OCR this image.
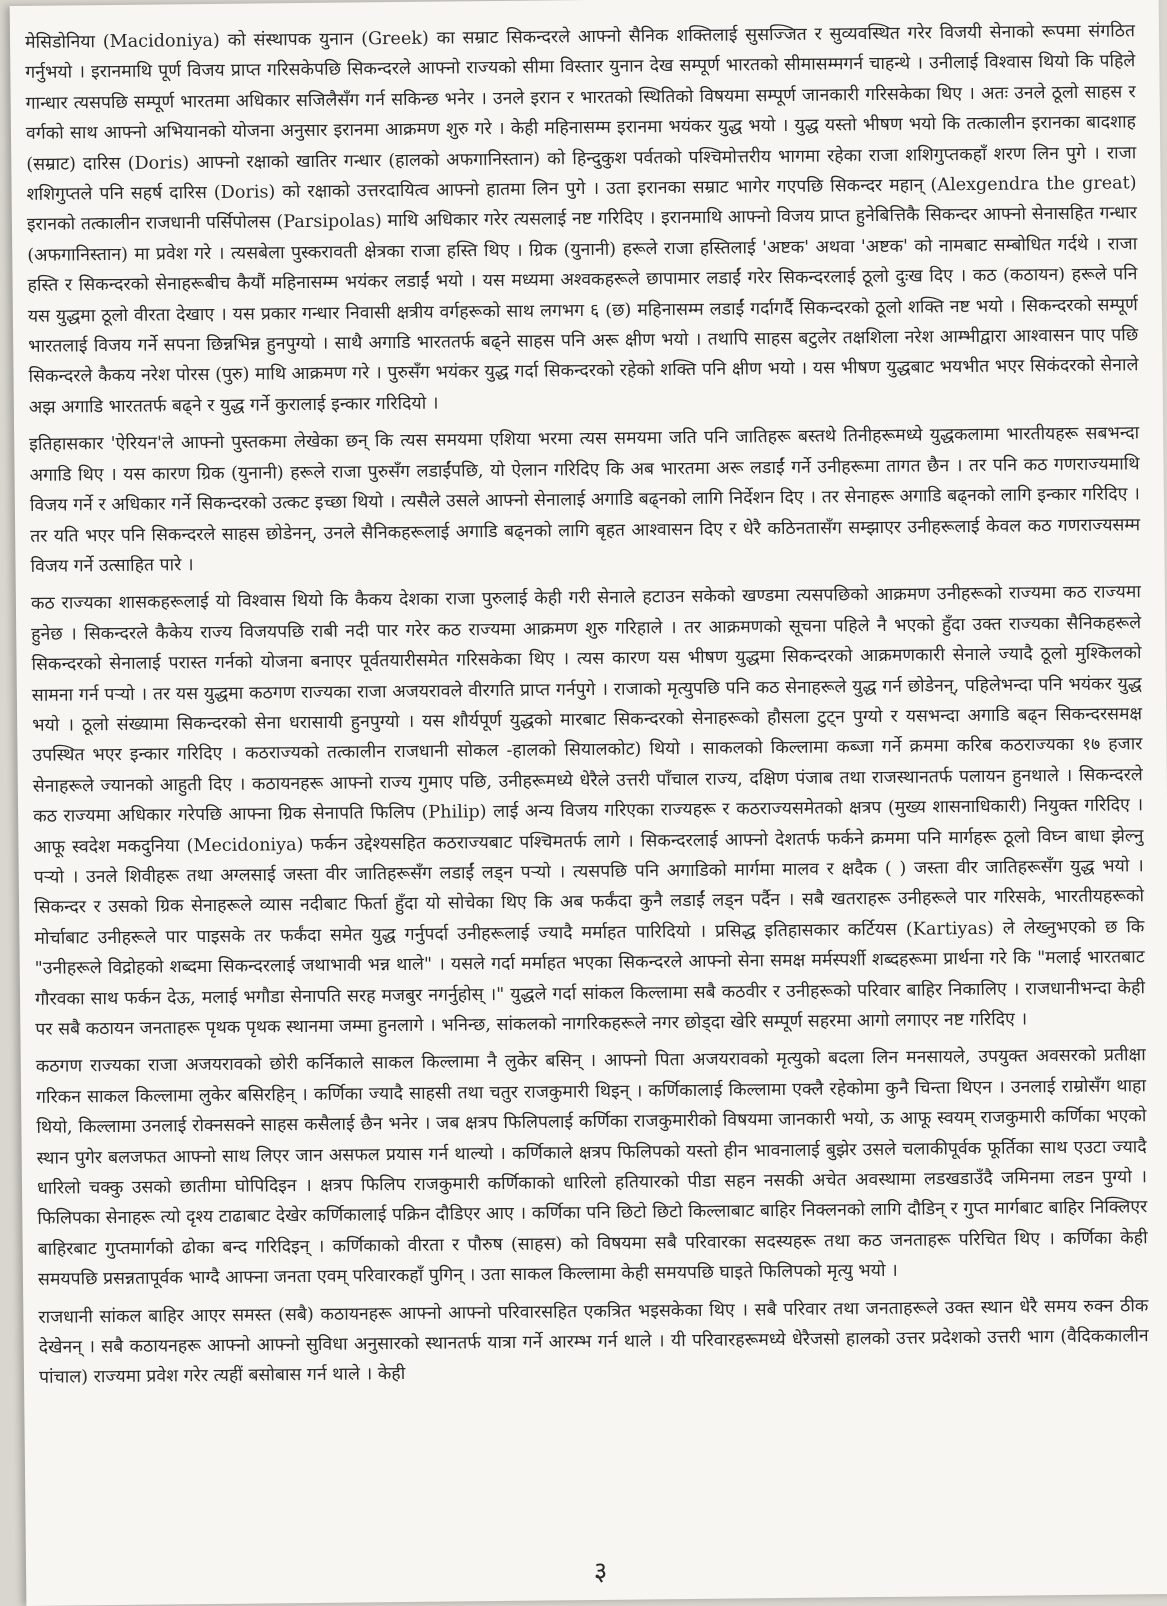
मेसिडोनिया (Macidoniya) को संस्थापक युनान (Greek) का सम्राट सिकन्दरले आफ्नो सैनिक शक्तिलाई सुसज्जित र सुव्यवस्थित गरेर विजयी सेनाको रूपमा संगठित गर्नुभयो । इरानमाथि पूर्ण विजय प्राप्त गरिसकेपछि सिकन्दरले आफ्नो राज्यको सीमा विस्तार युनान देख सम्पूर्ण भारतको सीमासम्मगर्न चाहन्थे । उनीलाई विश्वास थियो कि पहिले गान्धार त्यसपछि सम्पूर्ण भारतमा अधिकार सजिलैसँग गर्न सकिन्छ भनेर । उनले इरान र भारतको स्थितिको विषयमा सम्पूर्ण जानकारी गरिसकेका थिए । अतः उनले ठूलो साहस र वर्गको साथ आफ्नो अभियानको योजना अनुसार इरानमा आक्रमण शुरु गरे । केही महिनासम्म इरानमा भयंकर युद्ध भयो । युद्ध यस्तो भीषण भयो कि तत्कालीन इरानका बादशाह (सम्राट) दारिस (Doris) आफ्नो रक्षाको खातिर गन्धार (हालको अफगानिस्तान) को हिन्दुकुश पर्वतको पश्चिमोत्तरीय भागमा रहेका राजा शशिगुप्तकहाँ शरण लिन पुगे । राजा शशिगुप्तले पनि सहर्ष दारिस (Doris) को रक्षाको उत्तरदायित्व आफ्नो हातमा लिन पुगे । उता इरानका सम्राट भागेर गएपछि सिकन्दर महान् (Alexgendra the great) इरानको तत्कालीन राजधानी पर्सिपोलस (Parsipolas) माथि अधिकार गरेर त्यसलाई नष्ट गरिदिए । इरानमाथि आफ्नो विजय प्राप्त हुनेबित्तिकै सिकन्दर आफ्नो सेनासहित गन्धार (अफगानिस्तान) मा प्रवेश गरे । त्यसबेला पुस्करावती क्षेत्रका राजा हस्ति थिए । ग्रिक (युनानी) हरूले राजा हस्तिलाई 'अष्टक' अथवा 'अष्टक' को नामबाट सम्बोधित गर्दथे । राजा हस्ति र सिकन्दरको सेनाहरूबीच कैयौं महिनासम्म भयंकर लडाईं भयो । यस मध्यमा अश्वकहरूले छापामार लडाईं गरेर सिकन्दरलाई ठूलो दुःख दिए । कठ (कठायन) हरूले पनि यस युद्धमा ठूलो वीरता देखाए । यस प्रकार गन्धार निवासी क्षत्रीय वर्गहरूको साथ लगभग ६ (छ) महिनासम्म लडाईं गर्दागर्दै सिकन्दरको ठूलो शक्ति नष्ट भयो । सिकन्दरको सम्पूर्ण भारतलाई विजय गर्ने सपना छिन्नभिन्न हुनपुग्यो । साथै अगाडि भारततर्फ बढ्ने साहस पनि अरू क्षीण भयो । तथापि साहस बटुलेर तक्षशिला नरेश आम्भीद्वारा आश्वासन पाए पछि सिकन्दरले कैकय नरेश पोरस (पुरु) माथि आक्रमण गरे । पुरुसँग भयंकर युद्ध गर्दा सिकन्दरको रहेको शक्ति पनि क्षीण भयो । यस भीषण युद्धबाट भयभीत भएर सिकंदरको सेनाले अझ अगाडि भारततर्फ बढ्ने र युद्ध गर्ने कुरालाई इन्कार गरिदियो ।

इतिहासकार 'ऐरियन'ले आफ्नो पुस्तकमा लेखेका छन् कि त्यस समयमा एशिया भरमा त्यस समयमा जति पनि जातिहरू बस्तथे तिनीहरूमध्ये युद्धकलामा भारतीयहरू सबभन्दा अगाडि थिए । यस कारण ग्रिक (युनानी) हरूले राजा पुरुसँग लडाईंपछि, यो ऐलान गरिदिए कि अब भारतमा अरू लडाईं गर्ने उनीहरूमा तागत छैन । तर पनि कठ गणराज्यमाथि विजय गर्ने र अधिकार गर्ने सिकन्दरको उत्कट इच्छा थियो । त्यसैले उसले आफ्नो सेनालाई अगाडि बढ्नको लागि निर्देशन दिए । तर सेनाहरू अगाडि बढ्नको लागि इन्कार गरिदिए । तर यति भएर पनि सिकन्दरले साहस छोडेनन्, उनले सैनिकहरूलाई अगाडि बढ्नको लागि बृहत आश्वासन दिए र धेरै कठिनतासँग सम्झाएर उनीहरूलाई केवल कठ गणराज्यसम्म विजय गर्ने उत्साहित पारे ।

कठ राज्यका शासकहरूलाई यो विश्वास थियो कि कैकय देशका राजा पुरुलाई केही गरी सेनाले हटाउन सकेको खण्डमा त्यसपछिको आक्रमण उनीहरूको राज्यमा कठ राज्यमा हुनेछ । सिकन्दरले कैकेय राज्य विजयपछि राबी नदी पार गरेर कठ राज्यमा आक्रमण शुरु गरिहाले । तर आक्रमणको सूचना पहिले नै भएको हुँदा उक्त राज्यका सैनिकहरूले सिकन्दरको सेनालाई परास्त गर्नको योजना बनाएर पूर्वतयारीसमेत गरिसकेका थिए । त्यस कारण यस भीषण युद्धमा सिकन्दरको आक्रमणकारी सेनाले ज्यादै ठूलो मुश्किलको सामना गर्न पर्‍यो । तर यस युद्धमा कठगण राज्यका राजा अजयरावले वीरगति प्राप्त गर्नपुगे । राजाको मृत्युपछि पनि कठ सेनाहरूले युद्ध गर्न छोडेनन्, पहिलेभन्दा पनि भयंकर युद्ध भयो । ठूलो संख्यामा सिकन्दरको सेना धरासायी हुनपुग्यो । यस शौर्यपूर्ण युद्धको मारबाट सिकन्दरको सेनाहरूको हौसला टुट्न पुग्यो र यसभन्दा अगाडि बढ्न सिकन्दरसमक्ष उपस्थित भएर इन्कार गरिदिए । कठराज्यको तत्कालीन राजधानी सोकल -हालको सियालकोट) थियो । साकलको किल्लामा कब्जा गर्ने क्रममा करिब कठराज्यका १७ हजार सेनाहरूले ज्यानको आहुती दिए । कठायनहरू आफ्नो राज्य गुमाए पछि, उनीहरूमध्ये धेरैले उत्तरी पाँचाल राज्य, दक्षिण पंजाब तथा राजस्थानतर्फ पलायन हुनथाले । सिकन्दरले कठ राज्यमा अधिकार गरेपछि आफ्ना ग्रिक सेनापति फिलिप (Philip) लाई अन्य विजय गरिएका राज्यहरू र कठराज्यसमेतको क्षत्रप (मुख्य शासनाधिकारी) नियुक्त गरिदिए । आफू स्वदेश मकदुनिया (Mecidoniya) फर्कन उद्देश्यसहित कठराज्यबाट पश्चिमतर्फ लागे । सिकन्दरलाई आफ्नो देशतर्फ फर्कने क्रममा पनि मार्गहरू ठूलो विघ्न बाधा झेल्नु पर्‍यो । उनले शिवीहरू तथा अग्लसाई जस्ता वीर जातिहरूसँग लडाईं लड्न पर्‍यो । त्यसपछि पनि अगाडिको मार्गमा मालव र क्षदैक ( ) जस्ता वीर जातिहरूसँग युद्ध भयो । सिकन्दर र उसको ग्रिक सेनाहरूले व्यास नदीबाट फिर्ता हुँदा यो सोचेका थिए कि अब फर्कंदा कुनै लडाईं लड्न पर्दैन । सबै खतराहरू उनीहरूले पार गरिसके, भारतीयहरूको मोर्चाबाट उनीहरूले पार पाइसके तर फर्कंदा समेत युद्ध गर्नुपर्दा उनीहरूलाई ज्यादै मर्माहत पारिदियो । प्रसिद्ध इतिहासकार कर्टियस (Kartiyas) ले लेख्नुभएको छ कि "उनीहरूले विद्रोहको शब्दमा सिकन्दरलाई जथाभावी भन्न थाले" । यसले गर्दा मर्माहत भएका सिकन्दरले आफ्नो सेना समक्ष मर्मस्पर्शी शब्दहरूमा प्रार्थना गरे कि "मलाई भारतबाट गौरवका साथ फर्कन देऊ, मलाई भगौडा सेनापति सरह मजबुर नगर्नुहोस् ।" युद्धले गर्दा सांकल किल्लामा सबै कठवीर र उनीहरूको परिवार बाहिर निकालिए । राजधानीभन्दा केही पर सबै कठायन जनताहरू पृथक पृथक स्थानमा जम्मा हुनलागे । भनिन्छ, सांकलको नागरिकहरूले नगर छोड्दा खेरि सम्पूर्ण सहरमा आगो लगाएर नष्ट गरिदिए ।

कठगण राज्यका राजा अजयरावको छोरी कर्निकाले साकल किल्लामा नै लुकेर बसिन् । आफ्नो पिता अजयरावको मृत्युको बदला लिन मनसायले, उपयुक्त अवसरको प्रतीक्षा गरिकन साकल किल्लामा लुकेर बसिरहिन् । कर्णिका ज्यादै साहसी तथा चतुर राजकुमारी थिइन् । कर्णिकालाई किल्लामा एक्लै रहेकोमा कुनै चिन्ता थिएन । उनलाई राम्रोसँग थाहा थियो, किल्लामा उनलाई रोक्नसक्ने साहस कसैलाई छैन भनेर । जब क्षत्रप फिलिपलाई कर्णिका राजकुमारीको विषयमा जानकारी भयो, ऊ आफू स्वयम् राजकुमारी कर्णिका भएको स्थान पुगेर बलजफत आफ्नो साथ लिएर जान असफल प्रयास गर्न थाल्यो । कर्णिकाले क्षत्रप फिलिपको यस्तो हीन भावनालाई बुझेर उसले चलाकीपूर्वक फूर्तिका साथ एउटा ज्यादै धारिलो चक्कु उसको छातीमा घोपिदिइन । क्षत्रप फिलिप राजकुमारी कर्णिकाको धारिलो हतियारको पीडा सहन नसकी अचेत अवस्थामा लडखडाउँदै जमिनमा लडन पुग्यो । फिलिपका सेनाहरू त्यो दृश्य टाढाबाट देखेर कर्णिकालाई पक्रिन दौडिएर आए । कर्णिका पनि छिटो छिटो किल्लाबाट बाहिर निक्लनको लागि दौडिन् र गुप्त मार्गबाट बाहिर निक्लिएर बाहिरबाट गुप्तमार्गको ढोका बन्द गरिदिइन् । कर्णिकाको वीरता र पौरुष (साहस) को विषयमा सबै परिवारका सदस्यहरू तथा कठ जनताहरू परिचित थिए । कर्णिका केही समयपछि प्रसन्नतापूर्वक भाग्दै आफ्ना जनता एवम् परिवारकहाँ पुगिन् । उता साकल किल्लामा केही समयपछि घाइते फिलिपको मृत्यु भयो ।

राजधानी सांकल बाहिर आएर समस्त (सबै) कठायनहरू आफ्नो आफ्नो परिवारसहित एकत्रित भइसकेका थिए । सबै परिवार तथा जनताहरूले उक्त स्थान धेरै समय रुक्न ठीक देखेनन् । सबै कठायनहरू आफ्नो आफ्नो सुविधा अनुसारको स्थानतर्फ यात्रा गर्ने आरम्भ गर्न थाले । यी परिवारहरूमध्ये धेरैजसो हालको उत्तर प्रदेशको उत्तरी भाग (वैदिककालीन पांचाल) राज्यमा प्रवेश गरेर त्यहीं बसोबास गर्न थाले । केही

३
